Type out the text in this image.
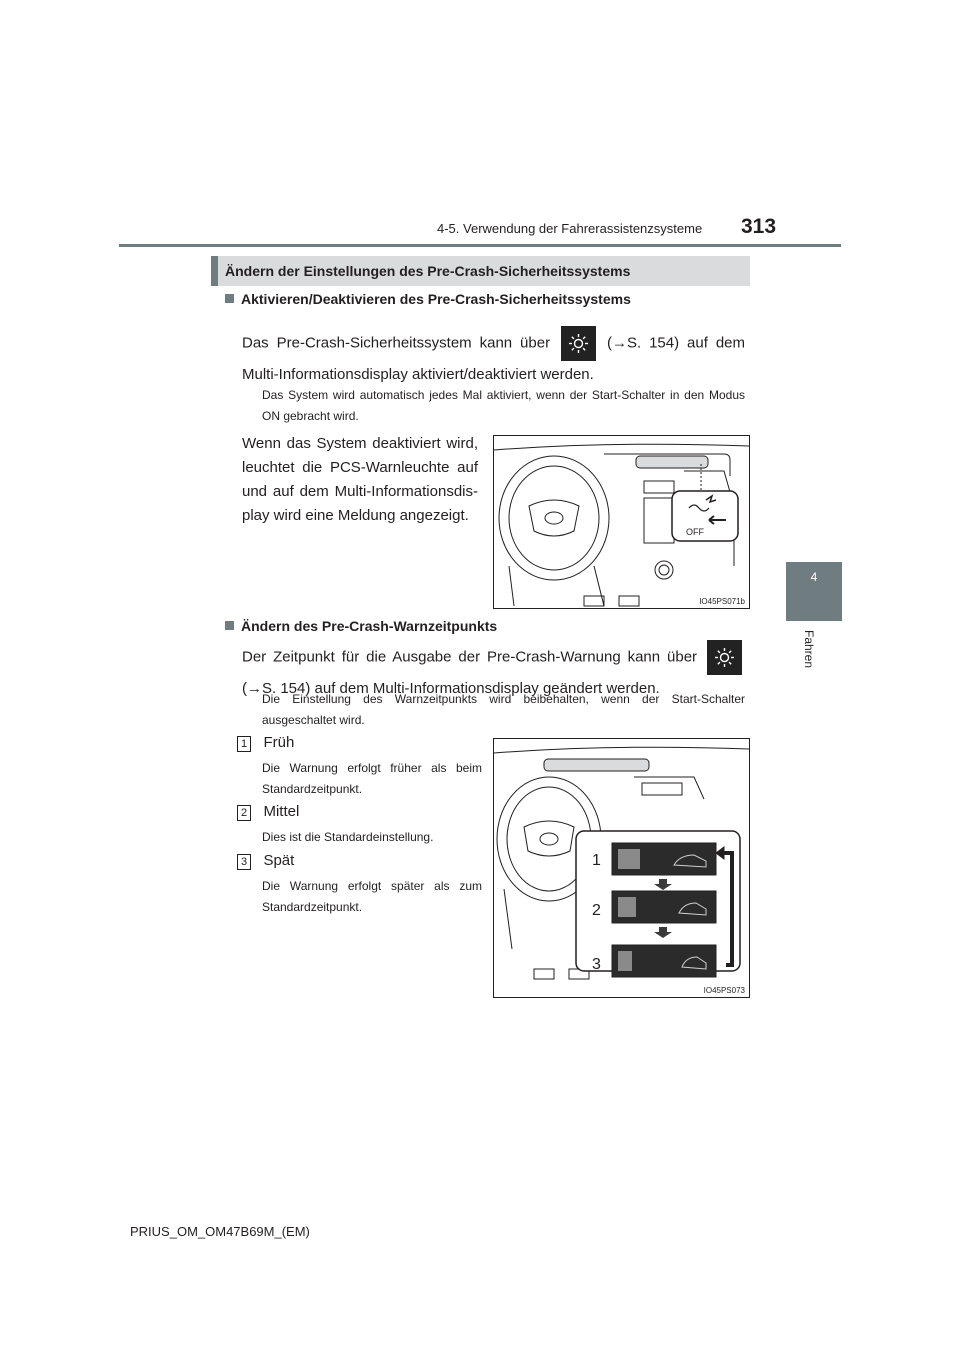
4-5. Verwendung der Fahrerassistenzsysteme 313
4
Fahren
Ändern der Einstellungen des Pre-Crash-Sicherheitssystems
Aktivieren/Deaktivieren des Pre-Crash-Sicherheitssystems
Das Pre-Crash-Sicherheitssystem kann über	(→S. 154) auf dem Multi-Informationsdisplay aktiviert/deaktiviert werden.
Das System wird automatisch jedes Mal aktiviert, wenn der Start-Schalter in den Modus ON gebracht wird.
Wenn das System deaktiviert wird, leuchtet die PCS-Warnleuchte auf und auf dem Multi-Informationsdis-play wird eine Meldung angezeigt.
OFF
IO45PS071b
Ändern des Pre-Crash-Warnzeitpunkts
Der Zeitpunkt für die Ausgabe der Pre-Crash-Warnung kann über
(→S. 154) auf dem Multi-Informationsdisplay geändert werden.
Die Einstellung des Warnzeitpunkts wird beibehalten, wenn der Start-Schalter ausgeschaltet wird.
1 Früh
Die Warnung erfolgt früher als beim Standardzeitpunkt.
2 Mittel
Dies ist die Standardeinstellung.
3 Spät
Die Warnung erfolgt später als zum Standardzeitpunkt.
1
2
3
IO45PS073
PRIUS_OM_OM47B69M_(EM)
